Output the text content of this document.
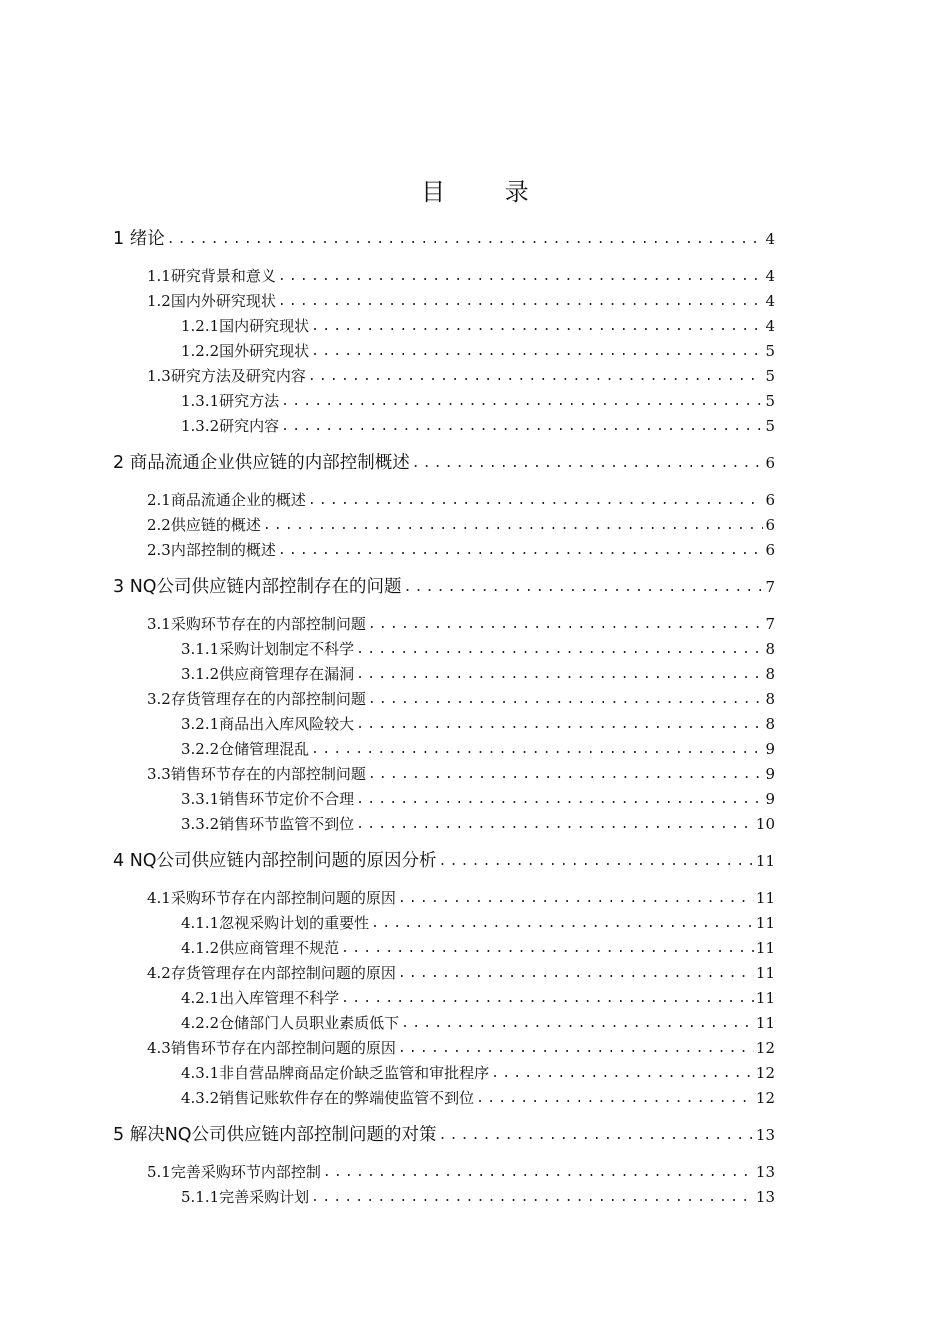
目 录
1 绪论 .....	4
1.1研究背景和意义 .....	4
1.2国内外研究现状 .....	4
1.2.1国内研究现状 .....	4
1.2.2国外研究现状 .....	5
1.3研究方法及研究内容 .....	5
1.3.1研究方法 .....	5
1.3.2研究内容 .....	5
2 商品流通企业供应链的内部控制概述 .....	6
2.1商品流通企业的概述 .....	6
2.2供应链的概述 .....	6
2.3内部控制的概述 .....	6
3 NQ公司供应链内部控制存在的问题 .....	7
3.1采购环节存在的内部控制问题 .....	7
3.1.1采购计划制定不科学 .....	8
3.1.2供应商管理存在漏洞 .....	8
3.2存货管理存在的内部控制问题 .....	8
3.2.1商品出入库风险较大 .....	8
3.2.2仓储管理混乱 .....	9
3.3销售环节存在的内部控制问题 .....	9
3.3.1销售环节定价不合理 .....	9
3.3.2销售环节监管不到位 .....	10
4 NQ公司供应链内部控制问题的原因分析 .....	11
4.1采购环节存在内部控制问题的原因 .....	11
4.1.1忽视采购计划的重要性 .....	11
4.1.2供应商管理不规范 .....	11
4.2存货管理存在内部控制问题的原因 .....	11
4.2.1出入库管理不科学 .....	11
4.2.2仓储部门人员职业素质低下 .....	11
4.3销售环节存在内部控制问题的原因 .....	12
4.3.1非自营品牌商品定价缺乏监管和审批程序 .....	12
4.3.2销售记账软件存在的弊端使监管不到位 .....	12
5 解决NQ公司供应链内部控制问题的对策 .....	13
5.1完善采购环节内部控制 .....	13
5.1.1完善采购计划 .....	13
